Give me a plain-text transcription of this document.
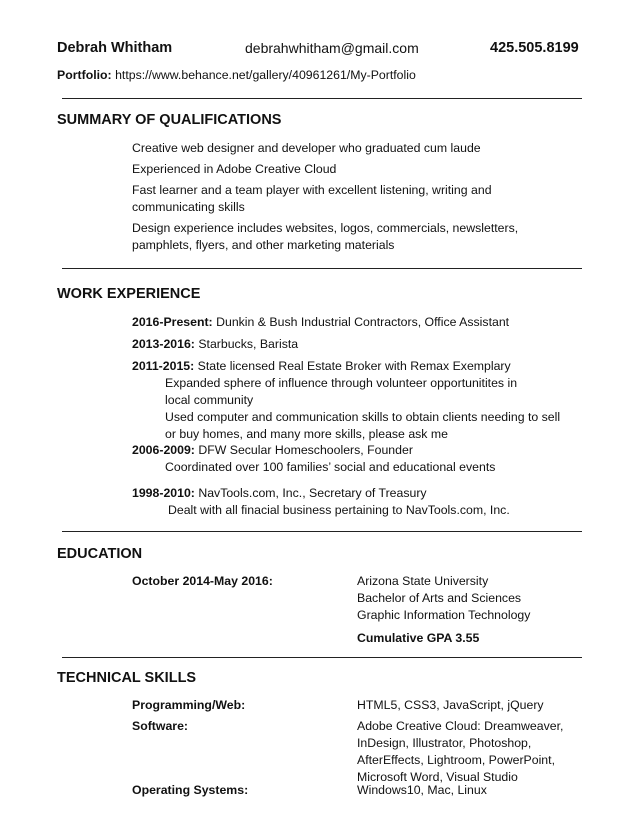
Debrah Whitham	debrahwhitham@gmail.com	425.505.8199
Portfolio: https://www.behance.net/gallery/40961261/My-Portfolio
SUMMARY OF QUALIFICATIONS
Creative web designer and developer who graduated cum laude
Experienced in Adobe Creative Cloud
Fast learner and a team player with excellent listening, writing and
communicating skills
Design experience includes websites, logos, commercials, newsletters,
pamphlets, flyers, and other marketing materials
WORK EXPERIENCE
2016-Present: Dunkin & Bush Industrial Contractors, Office Assistant
2013-2016: Starbucks, Barista
2011-2015: State licensed Real Estate Broker with Remax Exemplary
Expanded sphere of influence through volunteer opportunitites in
local community
Used computer and communication skills to obtain clients needing to sell
or buy homes, and many more skills, please ask me
2006-2009: DFW Secular Homeschoolers, Founder
Coordinated over 100 families’ social and educational events
1998-2010: NavTools.com, Inc., Secretary of Treasury
Dealt with all finacial business pertaining to NavTools.com, Inc.
EDUCATION
October 2014-May 2016:	Arizona State University
Bachelor of Arts and Sciences
Graphic Information Technology
Cumulative GPA 3.55
TECHNICAL SKILLS
Programming/Web:	HTML5, CSS3, JavaScript, jQuery
Software:	Adobe Creative Cloud: Dreamweaver,
InDesign, Illustrator, Photoshop,
AfterEffects, Lightroom, PowerPoint,
Microsoft Word, Visual Studio
Operating Systems:	Windows10, Mac, Linux
